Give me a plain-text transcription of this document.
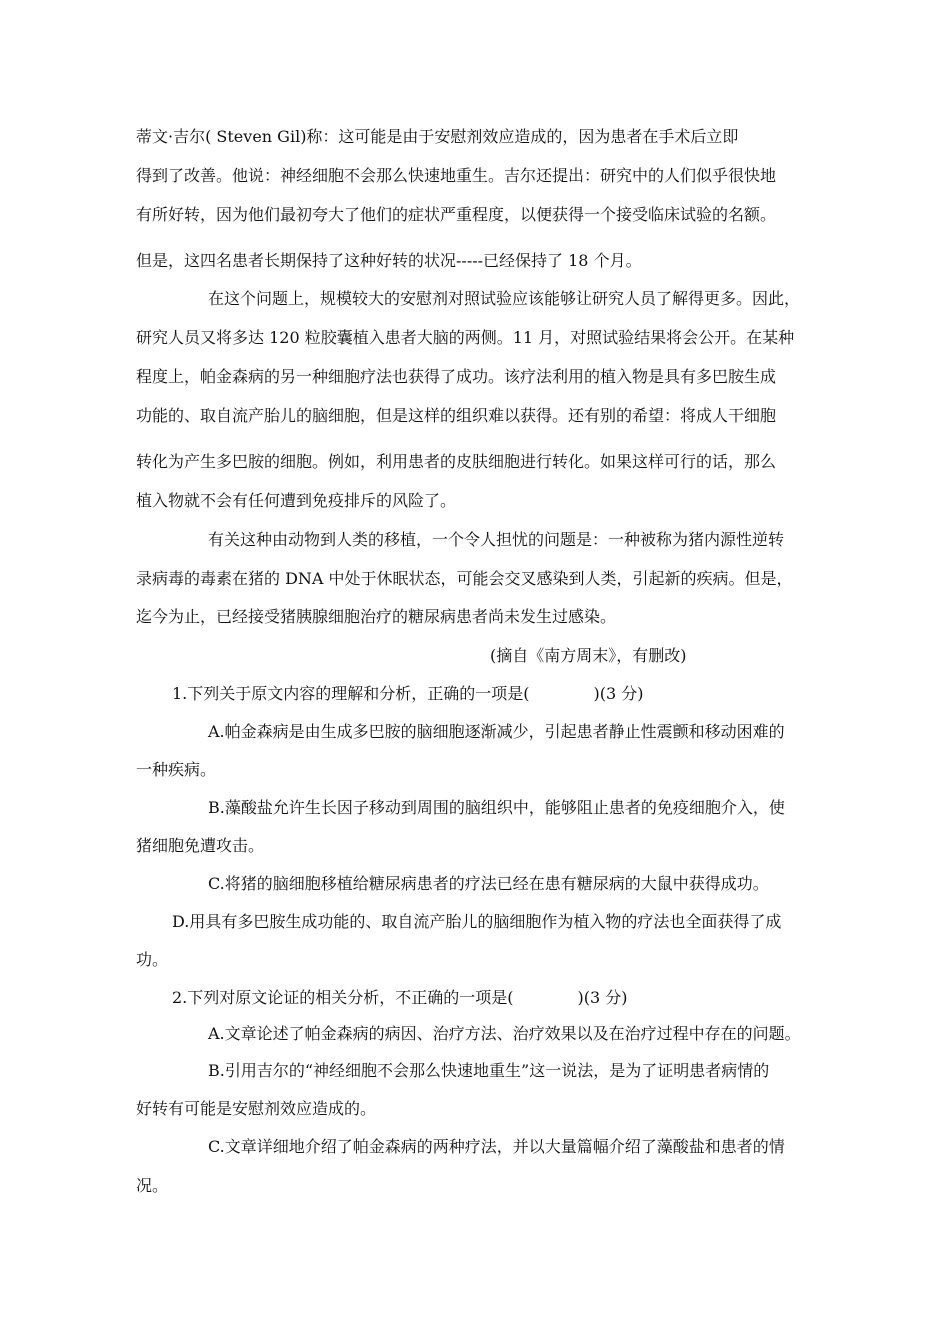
蒂文·吉尔( Steven Gil)称：这可能是由于安慰剂效应造成的，因为患者在手术后立即
得到了改善。他说：神经细胞不会那么快速地重生。吉尔还提出：研究中的人们似乎很快地
有所好转，因为他们最初夸大了他们的症状严重程度，以便获得一个接受临床试验的名额。
但是，这四名患者长期保持了这种好转的状况-----已经保持了 18 个月。
在这个问题上，规模较大的安慰剂对照试验应该能够让研究人员了解得更多。因此，
研究人员又将多达 120 粒胶囊植入患者大脑的两侧。11 月，对照试验结果将会公开。在某种
程度上，帕金森病的另一种细胞疗法也获得了成功。该疗法利用的植入物是具有多巴胺生成
功能的、取自流产胎儿的脑细胞，但是这样的组织难以获得。还有别的希望：将成人干细胞
转化为产生多巴胺的细胞。例如，利用患者的皮肤细胞进行转化。如果这样可行的话，那么
植入物就不会有任何遭到免疫排斥的风险了。
有关这种由动物到人类的移植，一个令人担忧的问题是：一种被称为猪内源性逆转
录病毒的毒素在猪的 DNA 中处于休眠状态，可能会交叉感染到人类，引起新的疾病。但是，
迄今为止，已经接受猪胰腺细胞治疗的糖尿病患者尚未发生过感染。
(摘自《南方周末》，有删改)
1.下列关于原文内容的理解和分析，正确的一项是(　　　　)(3 分)
A.帕金森病是由生成多巴胺的脑细胞逐渐减少，引起患者静止性震颤和移动困难的
一种疾病。
B.藻酸盐允许生长因子移动到周围的脑组织中，能够阻止患者的免疫细胞介入，使
猪细胞免遭攻击。
C.将猪的脑细胞移植给糖尿病患者的疗法已经在患有糖尿病的大鼠中获得成功。
D.用具有多巴胺生成功能的、取自流产胎儿的脑细胞作为植入物的疗法也全面获得了成
功。
2.下列对原文论证的相关分析，不正确的一项是(　　　　)(3 分)
A.文章论述了帕金森病的病因、治疗方法、治疗效果以及在治疗过程中存在的问题。
B.引用吉尔的“神经细胞不会那么快速地重生”这一说法，是为了证明患者病情的
好转有可能是安慰剂效应造成的。
C.文章详细地介绍了帕金森病的两种疗法，并以大量篇幅介绍了藻酸盐和患者的情
况。
